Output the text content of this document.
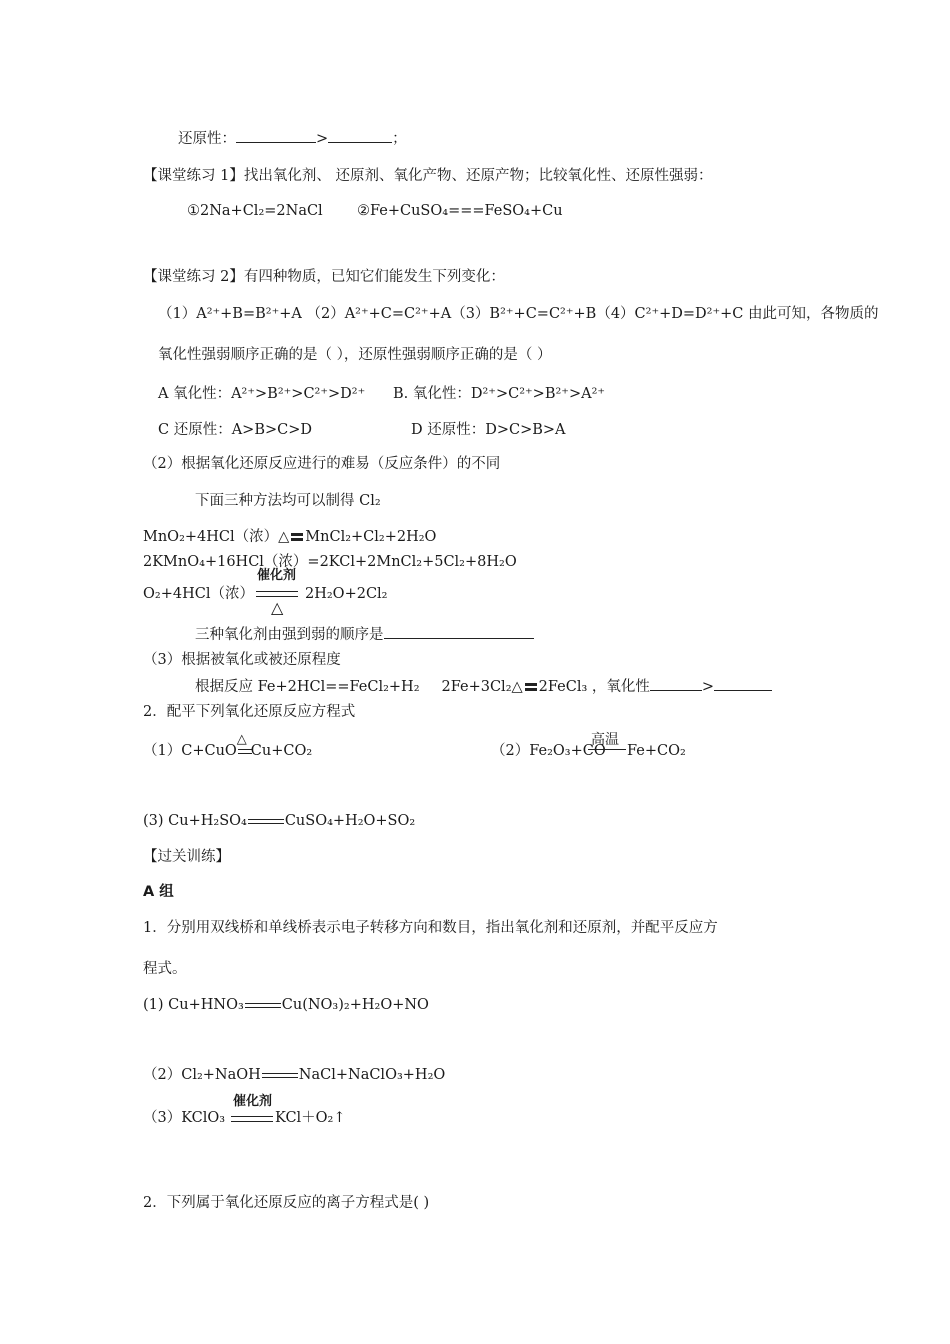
还原性：	>	；
【课堂练习 1】找出氧化剂、 还原剂、氧化产物、还原产物；比较氧化性、还原性强弱：
①2Na+Cl₂=2NaCl ②Fe+CuSO₄===FeSO₄+Cu
【课堂练习 2】有四种物质，已知它们能发生下列变化：
（1）A²⁺+B=B²⁺+A （2）A²⁺+C=C²⁺+A（3）B²⁺+C=C²⁺+B（4）C²⁺+D=D²⁺+C 由此可知，各物质的
氧化性强弱顺序正确的是（ ），还原性强弱顺序正确的是（ ）
A 氧化性：A²⁺>B²⁺>C²⁺>D²⁺ B. 氧化性：D²⁺>C²⁺>B²⁺>A²⁺
C 还原性：A>B>C>D	D 还原性：D>C>B>A
（2）根据氧化还原反应进行的难易（反应条件）的不同
下面三种方法均可以制得 Cl₂
MnO₂+4HCl（浓）△ MnCl₂+Cl₂+2H₂O
2KMnO₄+16HCl（浓）=2KCl+2MnCl₂+5Cl₂+8H₂O
O₂+4HCl（浓）
催化剂
△
2H₂O+2Cl₂
三种氧化剂由强到弱的顺序是
（3）根据被氧化或被还原程度
根据反应 Fe+2HCl==FeCl₂+H₂ 2Fe+3Cl₂△ 2FeCl₃ ，氧化性	>
2．配平下列氧化还原反应方程式
（1）C+CuO
△
Cu+CO₂	（2）Fe₂O₃+CO
高温
Fe+CO₂
(3) Cu+H₂SO₄	CuSO₄+H₂O+SO₂
【过关训练】
A 组
1．分别用双线桥和单线桥表示电子转移方向和数目，指出氧化剂和还原剂，并配平反应方
程式。
(1) Cu+HNO₃	Cu(NO₃)₂+H₂O+NO
（2）Cl₂+NaOH	NaCl+NaClO₃+H₂O
（3）KClO₃
催化剂
KCl＋O₂↑
2．下列属于氧化还原反应的离子方程式是( )
